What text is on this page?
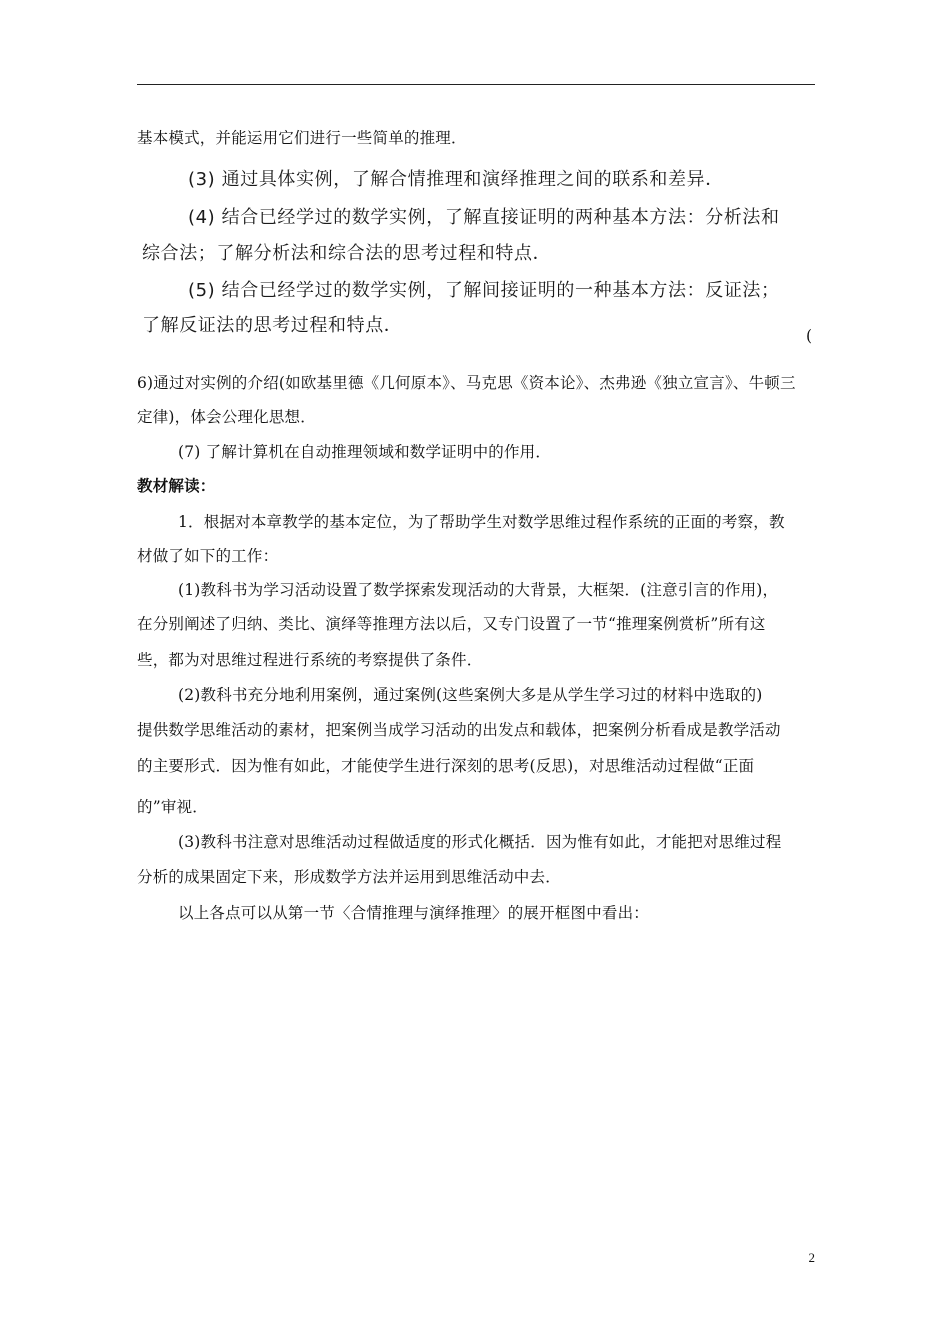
基本模式，并能运用它们进行一些简单的推理．
(3) 通过具体实例，了解合情推理和演绎推理之间的联系和差异．
(4) 结合已经学过的数学实例，了解直接证明的两种基本方法：分析法和
综合法；了解分析法和综合法的思考过程和特点．
(5) 结合已经学过的数学实例，了解间接证明的一种基本方法：反证法；
了解反证法的思考过程和特点．	(
6)通过对实例的介绍(如欧基里德《几何原本》、马克思《资本论》、杰弗逊《独立宣言》、牛顿三
定律)，体会公理化思想．
(7) 了解计算机在自动推理领域和数学证明中的作用．
教材解读：
1．根据对本章教学的基本定位，为了帮助学生对数学思维过程作系统的正面的考察，教
材做了如下的工作：
(1)教科书为学习活动设置了数学探索发现活动的大背景，大框架．(注意引言的作用)，
在分别阐述了归纳、类比、演绎等推理方法以后，又专门设置了一节“推理案例赏析”所有这
些，都为对思维过程进行系统的考察提供了条件．
(2)教科书充分地利用案例，通过案例(这些案例大多是从学生学习过的材料中选取的)
提供数学思维活动的素材，把案例当成学习活动的出发点和载体，把案例分析看成是教学活动
的主要形式．因为惟有如此，才能使学生进行深刻的思考(反思)，对思维活动过程做“正面
的”审视．
(3)教科书注意对思维活动过程做适度的形式化概括．因为惟有如此，才能把对思维过程
分析的成果固定下来，形成数学方法并运用到思维活动中去．
以上各点可以从第一节〈合情推理与演绎推理〉的展开框图中看出：
2
